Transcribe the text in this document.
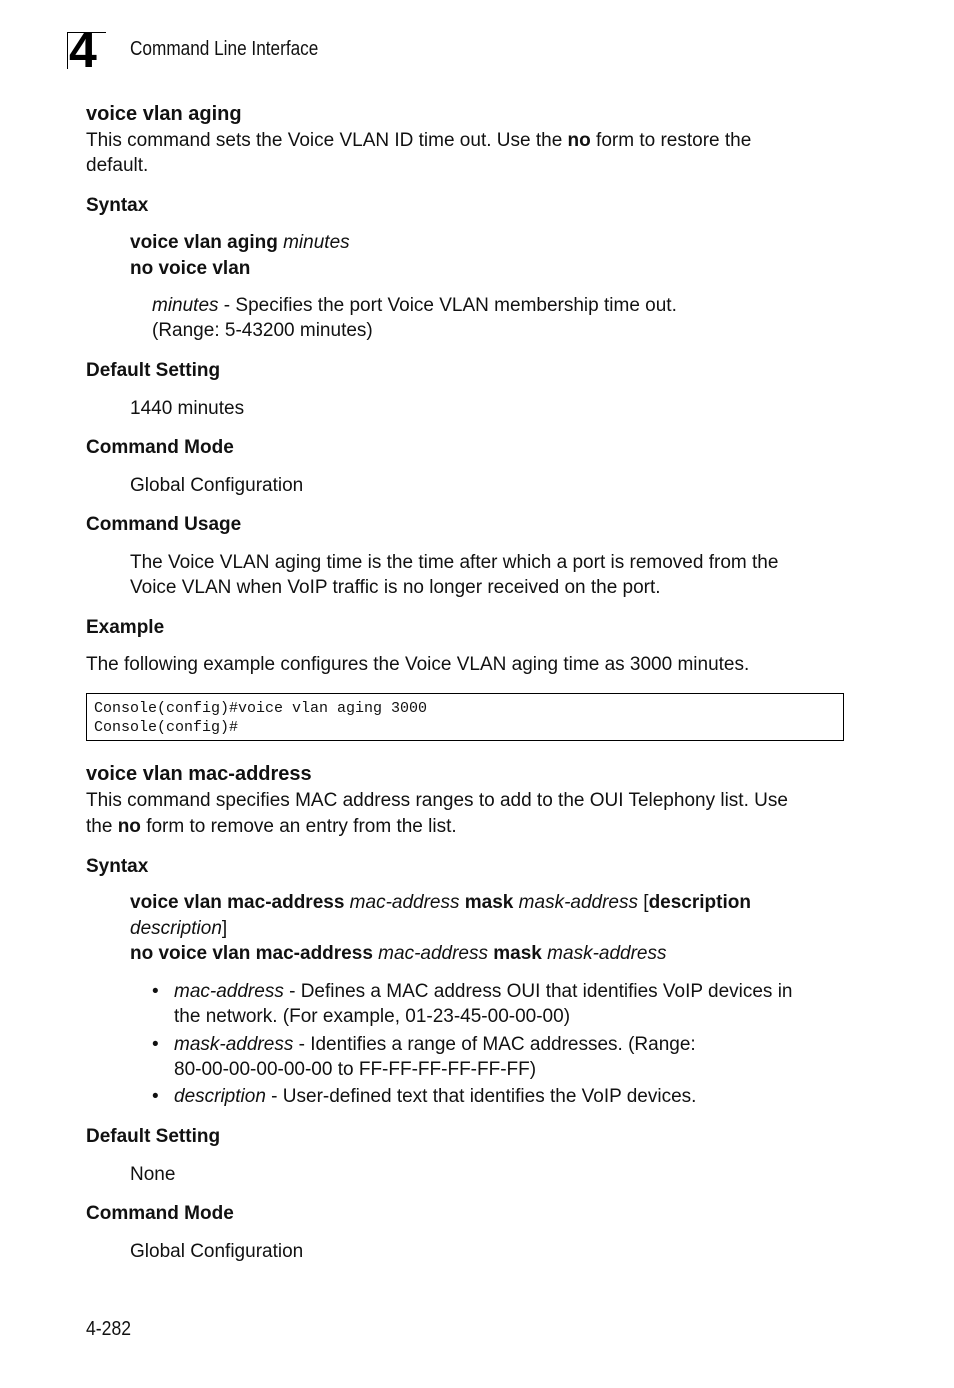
4 Command Line Interface
voice vlan aging
This command sets the Voice VLAN ID time out. Use the no form to restore the
default.
Syntax
voice vlan aging minutes
no voice vlan
minutes - Specifies the port Voice VLAN membership time out.
(Range: 5-43200 minutes)
Default Setting
1440 minutes
Command Mode
Global Configuration
Command Usage
The Voice VLAN aging time is the time after which a port is removed from the
Voice VLAN when VoIP traffic is no longer received on the port.
Example
The following example configures the Voice VLAN aging time as 3000 minutes.
Console(config)#voice vlan aging 3000
Console(config)#
voice vlan mac-address
This command specifies MAC address ranges to add to the OUI Telephony list. Use
the no form to remove an entry from the list.
Syntax
voice vlan mac-address mac-address mask mask-address [description
description]
no voice vlan mac-address mac-address mask mask-address
• mac-address - Defines a MAC address OUI that identifies VoIP devices in
the network. (For example, 01-23-45-00-00-00)
• mask-address - Identifies a range of MAC addresses. (Range:
80-00-00-00-00-00 to FF-FF-FF-FF-FF-FF)
• description - User-defined text that identifies the VoIP devices.
Default Setting
None
Command Mode
Global Configuration
4-282
